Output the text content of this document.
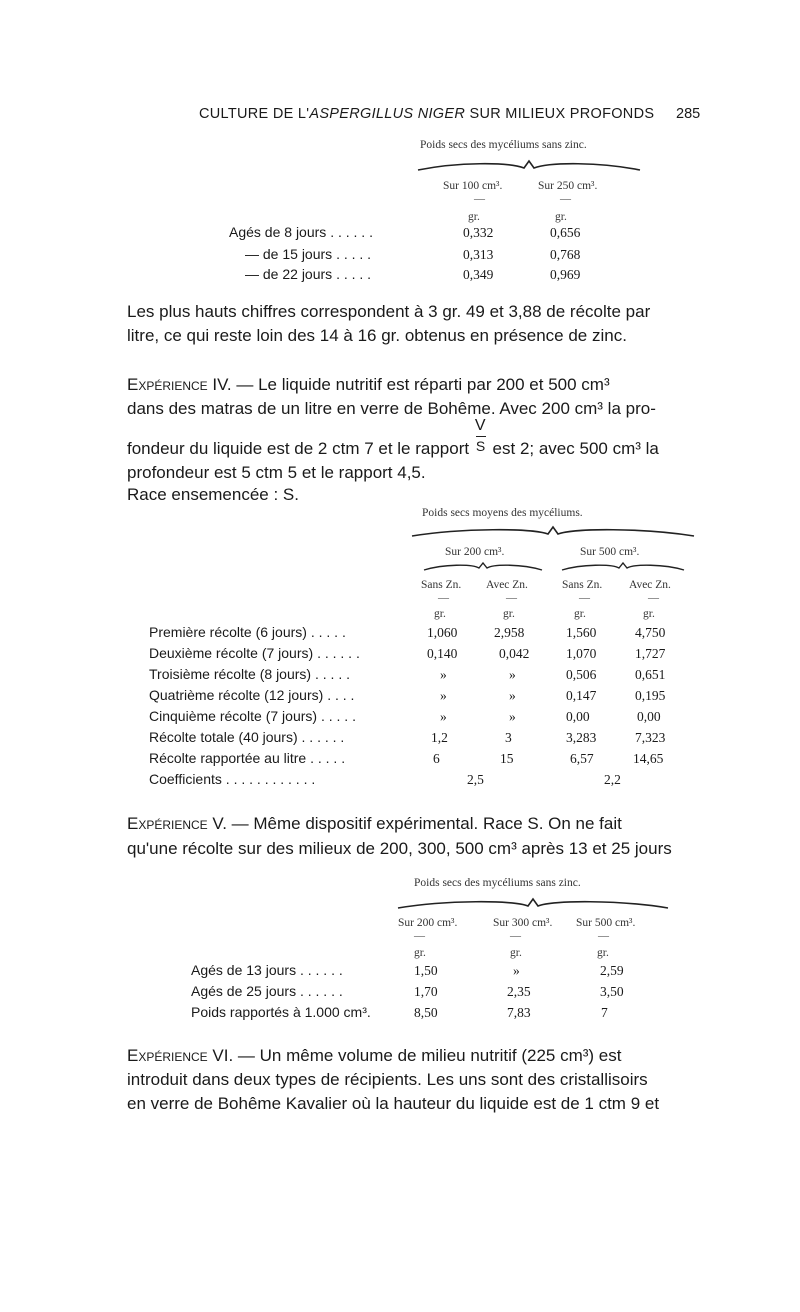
CULTURE DE L'ASPERGILLUS NIGER SUR MILIEUX PROFONDS 285
Poids secs des mycéliums sans zinc.
Sur 100 cm³.	Sur 250 cm³.
—	—
gr.	gr.
Agés de 8 jours . . . . . .	0,332	0,656
— de 15 jours . . . . .	0,313	0,768
— de 22 jours . . . . .	0,349	0,969
Les plus hauts chiffres correspondent à 3 gr. 49 et 3,88 de récolte par
litre, ce qui reste loin des 14 à 16 gr. obtenus en présence de zinc.
Expérience IV. — Le liquide nutritif est réparti par 200 et 500 cm³
dans des matras de un litre en verre de Bohême. Avec 200 cm³ la pro-
fondeur du liquide est de 2 ctm 7 et le rapport $\frac{V}{S}$ est 2; avec 500 cm³ la
profondeur est 5 ctm 5 et le rapport 4,5.
Race ensemencée : S.
Poids secs moyens des mycéliums.
Sur 200 cm³.	Sur 500 cm³.
Sans Zn. Avec Zn.	Sans Zn. Avec Zn.
—	—	—	—
gr.	gr.	gr.	gr.
Première récolte (6 jours) . . . . .	1,060	2,958	1,560	4,750
Deuxième récolte (7 jours) . . . . . .	0,140	0,042	1,070	1,727
Troisième récolte (8 jours) . . . . .	»	»	0,506	0,651
Quatrième récolte (12 jours) . . . .	»	»	0,147	0,195
Cinquième récolte (7 jours) . . . . .	»	»	0,00	0,00
Récolte totale (40 jours) . . . . . .	1,2	3	3,283	7,323
Récolte rapportée au litre . . . . .	6	15	6,57	14,65
Coefficients . . . . . . . . . . . .	2,5	2,2
Expérience V. — Même dispositif expérimental. Race S. On ne fait
qu'une récolte sur des milieux de 200, 300, 500 cm³ après 13 et 25 jours
Poids secs des mycéliums sans zinc.
Sur 200 cm³.	Sur 300 cm³. Sur 500 cm³.
—	—	—
gr.	gr.	gr.
Agés de 13 jours . . . . . .	1,50	»	2,59
Agés de 25 jours . . . . . .	1,70	2,35	3,50
Poids rapportés à 1.000 cm³.	8,50	7,83	7
Expérience VI. — Un même volume de milieu nutritif (225 cm³) est
introduit dans deux types de récipients. Les uns sont des cristallisoirs
en verre de Bohême Kavalier où la hauteur du liquide est de 1 ctm 9 et
